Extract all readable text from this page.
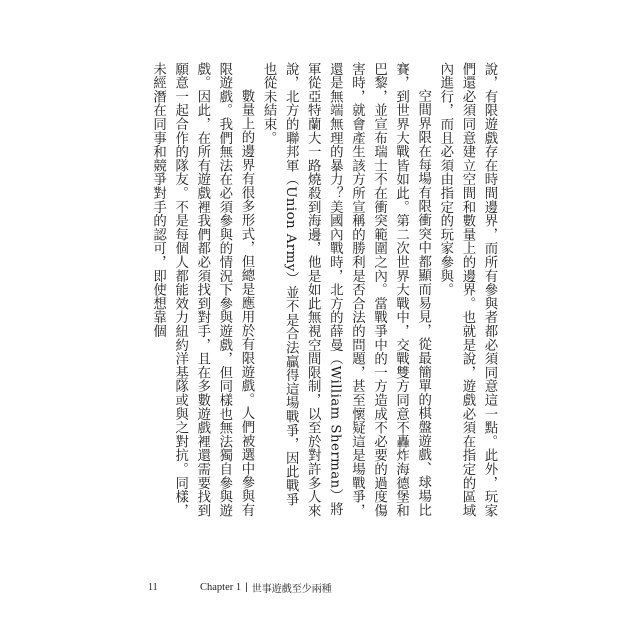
說，有限遊戲存在時間邊界，而所有參與者都必須同意這一點。此外，玩家們還必須同意建立空間和數量上的邊界。也就是說，遊戲必須在指定的區域內進行，而且必須由指定的玩家參與。

空間界限在每場有限衝突中都顯而易見，從最簡單的棋盤遊戲、球場比賽，到世界大戰皆如此。第二次世界大戰中，交戰雙方同意不轟炸海德堡和巴黎，並宣布瑞士不在衝突範圍之內。當戰爭中的一方造成不必要的過度傷害時，就會產生該方所宣稱的勝利是否合法的問題，甚至懷疑這是場戰爭，還是無端無理的暴力？美國內戰時，北方的薛曼（William Sherman）將軍從亞特蘭大一路燒殺到海邊，他是如此無視空間限制，以至於對許多人來說，北方的聯邦軍（Union Army）並不是合法贏得這場戰爭，因此戰爭也從未結束。

數量上的邊界有很多形式，但總是應用於有限遊戲。人們被選中參與有限遊戲。我們無法在必須參與的情況下參與遊戲，但同樣也無法獨自參與遊戲。因此，在所有遊戲裡我們都必須找到對手，且在多數遊戲裡還需要找到願意一起合作的隊友。不是每個人都能效力紐約洋基隊或與之對抗。同樣，未經潛在同事和競爭對手的認可，即使想靠個

11	Chapter 1 | 世事遊戲至少兩種
